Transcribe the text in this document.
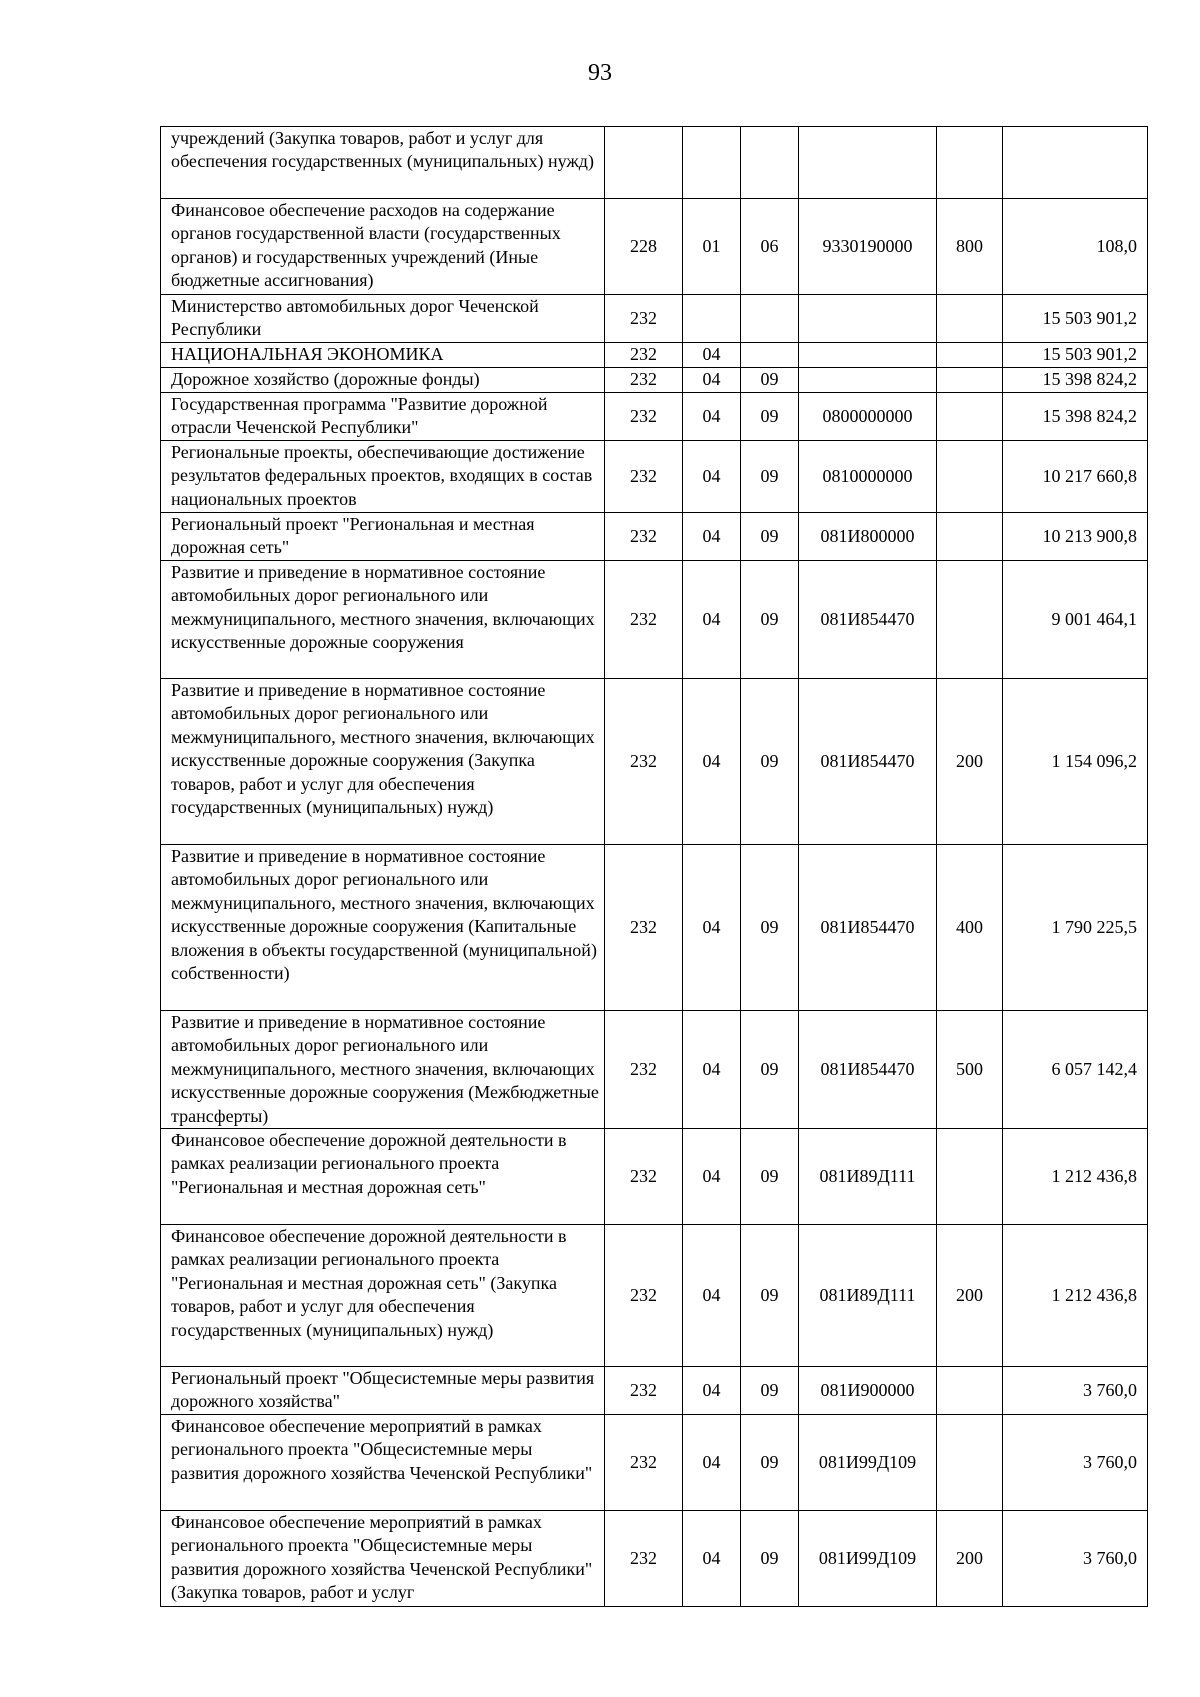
93
учреждений (Закупка товаров, работ и услуг для обеспечения государственных (муниципальных) нужд)						
Финансовое обеспечение расходов на содержание органов государственной власти (государственных органов) и государственных учреждений (Иные бюджетные ассигнования)	228	01	06	9330190000	800	108,0
Министерство автомобильных дорог Чеченской Республики	232					15 503 901,2
НАЦИОНАЛЬНАЯ ЭКОНОМИКА	232	04				15 503 901,2
Дорожное хозяйство (дорожные фонды)	232	04	09			15 398 824,2
Государственная программа "Развитие дорожной отрасли Чеченской Республики"	232	04	09	0800000000		15 398 824,2
Региональные проекты, обеспечивающие достижение результатов федеральных проектов, входящих в состав национальных проектов	232	04	09	0810000000		10 217 660,8
Региональный проект "Региональная и местная дорожная сеть"	232	04	09	081И800000		10 213 900,8
Развитие и приведение в нормативное состояние автомобильных дорог регионального или межмуниципального, местного значения, включающих искусственные дорожные сооружения	232	04	09	081И854470		9 001 464,1
Развитие и приведение в нормативное состояние автомобильных дорог регионального или межмуниципального, местного значения, включающих искусственные дорожные сооружения (Закупка товаров, работ и услуг для обеспечения государственных (муниципальных) нужд)	232	04	09	081И854470	200	1 154 096,2
Развитие и приведение в нормативное состояние автомобильных дорог регионального или межмуниципального, местного значения, включающих искусственные дорожные сооружения (Капитальные вложения в объекты государственной (муниципальной) собственности)	232	04	09	081И854470	400	1 790 225,5
Развитие и приведение в нормативное состояние автомобильных дорог регионального или межмуниципального, местного значения, включающих искусственные дорожные сооружения (Межбюджетные трансферты)	232	04	09	081И854470	500	6 057 142,4
Финансовое обеспечение дорожной деятельности в рамках реализации регионального проекта "Региональная и местная дорожная сеть"	232	04	09	081И89Д111		1 212 436,8
Финансовое обеспечение дорожной деятельности в рамках реализации регионального проекта "Региональная и местная дорожная сеть" (Закупка товаров, работ и услуг для обеспечения государственных (муниципальных) нужд)	232	04	09	081И89Д111	200	1 212 436,8
Региональный проект "Общесистемные меры развития дорожного хозяйства"	232	04	09	081И900000		3 760,0
Финансовое обеспечение мероприятий в рамках регионального проекта "Общесистемные меры развития дорожного хозяйства Чеченской Республики"	232	04	09	081И99Д109		3 760,0
Финансовое обеспечение мероприятий в рамках регионального проекта "Общесистемные меры развития дорожного хозяйства Чеченской Республики" (Закупка товаров, работ и услуг	232	04	09	081И99Д109	200	3 760,0
